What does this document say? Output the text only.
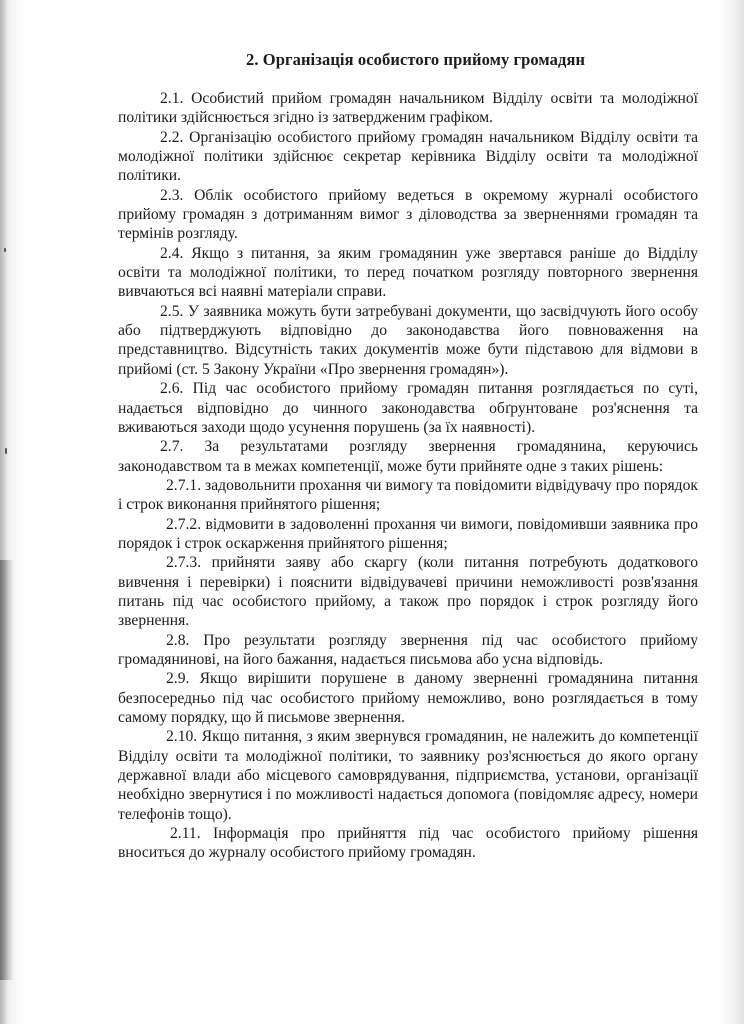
2. Організація особистого прийому громадян

2.1. Особистий прийом громадян начальником Відділу освіти та молодіжної політики здійснюється згідно із затвердженим графіком.

2.2. Організацію особистого прийому громадян начальником Відділу освіти та молодіжної політики здійснює секретар керівника Відділу освіти та молодіжної політики.

2.3. Облік особистого прийому ведеться в окремому журналі особистого прийому громадян з дотриманням вимог з діловодства за зверненнями громадян та термінів розгляду.

2.4. Якщо з питання, за яким громадянин уже звертався раніше до Відділу освіти та молодіжної політики, то перед початком розгляду повторного звернення вивчаються всі наявні матеріали справи.

2.5. У заявника можуть бути затребувані документи, що засвідчують його особу або підтверджують відповідно до законодавства його повноваження на представництво. Відсутність таких документів може бути підставою для відмови в прийомі (ст. 5 Закону України «Про звернення громадян»).

2.6. Під час особистого прийому громадян питання розглядається по суті, надається відповідно до чинного законодавства обґрунтоване роз'яснення та вживаються заходи щодо усунення порушень (за їх наявності).

2.7. За результатами розгляду звернення громадянина, керуючись законодавством та в межах компетенції, може бути прийняте одне з таких рішень:

2.7.1. задовольнити прохання чи вимогу та повідомити відвідувачу про порядок і строк виконання прийнятого рішення;

2.7.2. відмовити в задоволенні прохання чи вимоги, повідомивши заявника про порядок і строк оскарження прийнятого рішення;

2.7.3. прийняти заяву або скаргу (коли питання потребують додаткового вивчення і перевірки) і пояснити відвідувачеві причини неможливості розв'язання питань під час особистого прийому, а також про порядок і строк розгляду його звернення.

2.8. Про результати розгляду звернення під час особистого прийому громадянинові, на його бажання, надається письмова або усна відповідь.

2.9. Якщо вирішити порушене в даному зверненні громадянина питання безпосередньо під час особистого прийому неможливо, воно розглядається в тому самому порядку, що й письмове звернення.

2.10. Якщо питання, з яким звернувся громадянин, не належить до компетенції Відділу освіти та молодіжної політики, то заявнику роз'яснюється до якого органу державної влади або місцевого самоврядування, підприємства, установи, організації необхідно звернутися і по можливості надається допомога (повідомляє адресу, номери телефонів тощо).

2.11. Інформація про прийняття під час особистого прийому рішення вноситься до журналу особистого прийому громадян.
